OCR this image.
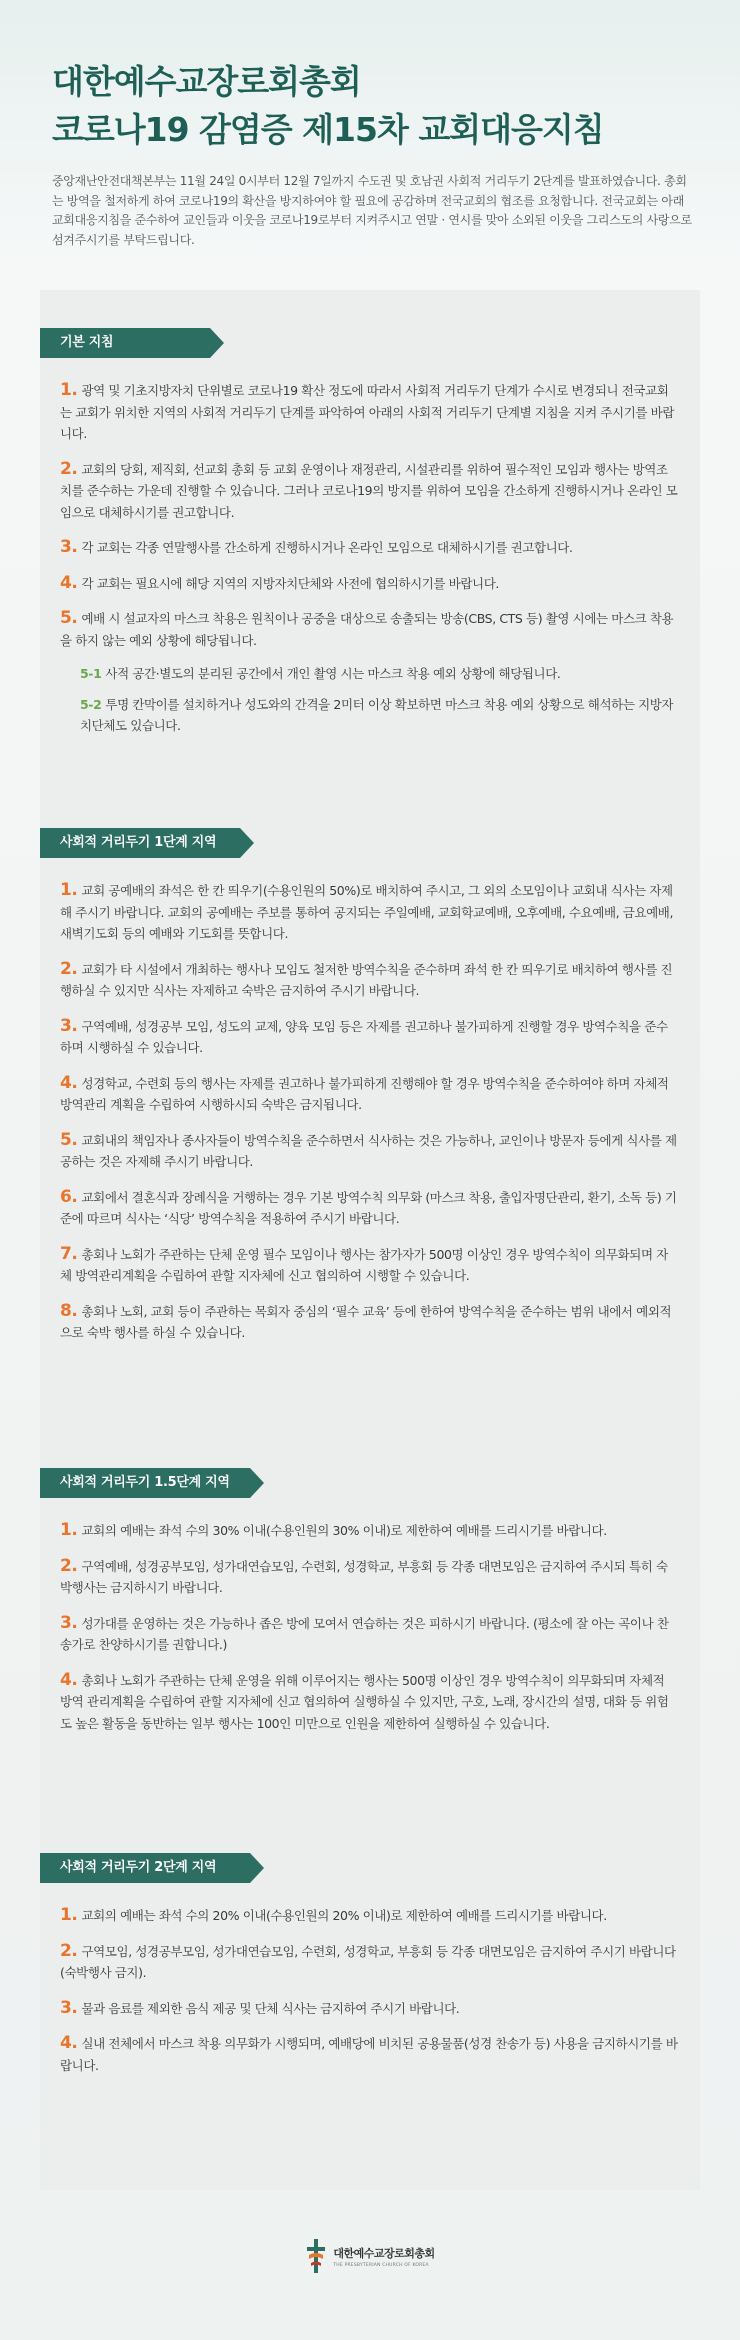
대한예수교장로회총회
코로나19 감염증 제15차 교회대응지침

중앙재난안전대책본부는 11월 24일 0시부터 12월 7일까지 수도권 및 호남권 사회적 거리두기 2단계를 발표하였습니다. 총회는 방역을 철저하게 하여 코로나19의 확산을 방지하여야 할 필요에 공감하며 전국교회의 협조를 요청합니다. 전국교회는 아래 교회대응지침을 준수하여 교인들과 이웃을 코로나19로부터 지켜주시고 연말 · 연시를 맞아 소외된 이웃을 그리스도의 사랑으로 섬겨주시기를 부탁드립니다.

기본 지침
1. 광역 및 기초지방자치 단위별로 코로나19 확산 정도에 따라서 사회적 거리두기 단계가 수시로 변경되니 전국교회는 교회가 위치한 지역의 사회적 거리두기 단계를 파악하여 아래의 사회적 거리두기 단계별 지침을 지켜 주시기를 바랍니다.
2. 교회의 당회, 제직회, 선교회 총회 등 교회 운영이나 재정관리, 시설관리를 위하여 필수적인 모임과 행사는 방역조치를 준수하는 가운데 진행할 수 있습니다. 그러나 코로나19의 방지를 위하여 모임을 간소하게 진행하시거나 온라인 모임으로 대체하시기를 권고합니다.
3. 각 교회는 각종 연말행사를 간소하게 진행하시거나 온라인 모임으로 대체하시기를 권고합니다.
4. 각 교회는 필요시에 해당 지역의 지방자치단체와 사전에 협의하시기를 바랍니다.
5. 예배 시 설교자의 마스크 착용은 원칙이나 공중을 대상으로 송출되는 방송(CBS, CTS 등) 촬영 시에는 마스크 착용을 하지 않는 예외 상황에 해당됩니다.
5-1 사적 공간·별도의 분리된 공간에서 개인 촬영 시는 마스크 착용 예외 상황에 해당됩니다.
5-2 투명 칸막이를 설치하거나 성도와의 간격을 2미터 이상 확보하면 마스크 착용 예외 상황으로 해석하는 지방자치단체도 있습니다.
사회적 거리두기 1단계 지역
1. 교회 공예배의 좌석은 한 칸 띄우기(수용인원의 50%)로 배치하여 주시고, 그 외의 소모임이나 교회내 식사는 자제해 주시기 바랍니다. 교회의 공예배는 주보를 통하여 공지되는 주일예배, 교회학교예배, 오후예배, 수요예배, 금요예배, 새벽기도회 등의 예배와 기도회를 뜻합니다.
2. 교회가 타 시설에서 개최하는 행사나 모임도 철저한 방역수칙을 준수하며 좌석 한 칸 띄우기로 배치하여 행사를 진행하실 수 있지만 식사는 자제하고 숙박은 금지하여 주시기 바랍니다.
3. 구역예배, 성경공부 모임, 성도의 교제, 양육 모임 등은 자제를 권고하나 불가피하게 진행할 경우 방역수칙을 준수하며 시행하실 수 있습니다.
4. 성경학교, 수련회 등의 행사는 자제를 권고하나 불가피하게 진행해야 할 경우 방역수칙을 준수하여야 하며 자체적 방역관리 계획을 수립하여 시행하시되 숙박은 금지됩니다.
5. 교회내의 책임자나 종사자들이 방역수칙을 준수하면서 식사하는 것은 가능하나, 교인이나 방문자 등에게 식사를 제공하는 것은 자제해 주시기 바랍니다.
6. 교회에서 결혼식과 장례식을 거행하는 경우 기본 방역수칙 의무화 (마스크 착용, 출입자명단관리, 환기, 소독 등) 기준에 따르며 식사는 ‘식당’ 방역수칙을 적용하여 주시기 바랍니다.
7. 총회나 노회가 주관하는 단체 운영 필수 모임이나 행사는 참가자가 500명 이상인 경우 방역수칙이 의무화되며 자체 방역관리계획을 수립하여 관할 지자체에 신고 협의하여 시행할 수 있습니다.
8. 총회나 노회, 교회 등이 주관하는 목회자 중심의 ‘필수 교육’ 등에 한하여 방역수칙을 준수하는 범위 내에서 예외적으로 숙박 행사를 하실 수 있습니다.
사회적 거리두기 1.5단계 지역
1. 교회의 예배는 좌석 수의 30% 이내(수용인원의 30% 이내)로 제한하여 예배를 드리시기를 바랍니다.
2. 구역예배, 성경공부모임, 성가대연습모임, 수련회, 성경학교, 부흥회 등 각종 대면모임은 금지하여 주시되 특히 숙박행사는 금지하시기 바랍니다.
3. 성가대를 운영하는 것은 가능하나 좁은 방에 모여서 연습하는 것은 피하시기 바랍니다. (평소에 잘 아는 곡이나 찬송가로 찬양하시기를 권합니다.)
4. 총회나 노회가 주관하는 단체 운영을 위해 이루어지는 행사는 500명 이상인 경우 방역수칙이 의무화되며 자체적 방역 관리계획을 수립하여 관할 지자체에 신고 협의하여 실행하실 수 있지만, 구호, 노래, 장시간의 설명, 대화 등 위험도 높은 활동을 동반하는 일부 행사는 100인 미만으로 인원을 제한하여 실행하실 수 있습니다.
사회적 거리두기 2단계 지역
1. 교회의 예배는 좌석 수의 20% 이내(수용인원의 20% 이내)로 제한하여 예배를 드리시기를 바랍니다.
2. 구역모임, 성경공부모임, 성가대연습모임, 수련회, 성경학교, 부흥회 등 각종 대면모임은 금지하여 주시기 바랍니다(숙박행사 금지).
3. 물과 음료를 제외한 음식 제공 및 단체 식사는 금지하여 주시기 바랍니다.
4. 실내 전체에서 마스크 착용 의무화가 시행되며, 예배당에 비치된 공용물품(성경 찬송가 등) 사용을 금지하시기를 바랍니다.
대한예수교장로회총회
THE PRESBYTERIAN CHURCH OF KOREA
